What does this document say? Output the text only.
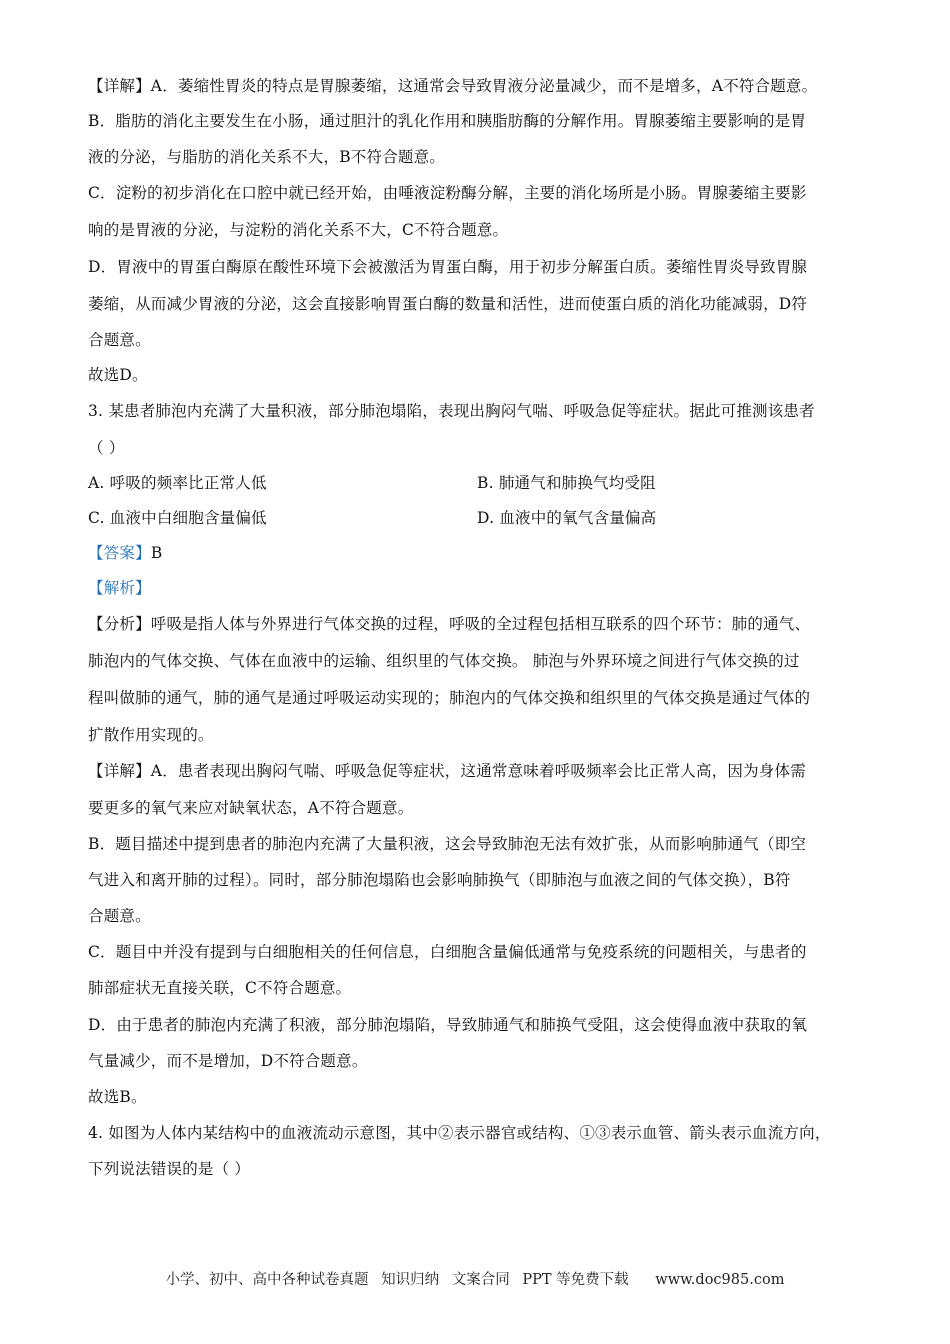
【详解】A．萎缩性胃炎的特点是胃腺萎缩，这通常会导致胃液分泌量减少，而不是增多，A不符合题意。
B．脂肪的消化主要发生在小肠，通过胆汁的乳化作用和胰脂肪酶的分解作用。胃腺萎缩主要影响的是胃
液的分泌，与脂肪的消化关系不大，B不符合题意。
C．淀粉的初步消化在口腔中就已经开始，由唾液淀粉酶分解，主要的消化场所是小肠。胃腺萎缩主要影
响的是胃液的分泌，与淀粉的消化关系不大，C不符合题意。
D．胃液中的胃蛋白酶原在酸性环境下会被激活为胃蛋白酶，用于初步分解蛋白质。萎缩性胃炎导致胃腺
萎缩，从而减少胃液的分泌，这会直接影响胃蛋白酶的数量和活性，进而使蛋白质的消化功能减弱，D符
合题意。
故选D。
3. 某患者肺泡内充满了大量积液，部分肺泡塌陷，表现出胸闷气喘、呼吸急促等症状。据此可推测该患者
（ ）
A. 呼吸的频率比正常人低	B. 肺通气和肺换气均受阻
C. 血液中白细胞含量偏低	D. 血液中的氧气含量偏高
【答案】B
【解析】
【分析】呼吸是指人体与外界进行气体交换的过程，呼吸的全过程包括相互联系的四个环节：肺的通气、
肺泡内的气体交换、气体在血液中的运输、组织里的气体交换。 肺泡与外界环境之间进行气体交换的过
程叫做肺的通气，肺的通气是通过呼吸运动实现的；肺泡内的气体交换和组织里的气体交换是通过气体的
扩散作用实现的。
【详解】A．患者表现出胸闷气喘、呼吸急促等症状，这通常意味着呼吸频率会比正常人高，因为身体需
要更多的氧气来应对缺氧状态，A不符合题意。
B．题目描述中提到患者的肺泡内充满了大量积液，这会导致肺泡无法有效扩张，从而影响肺通气（即空
气进入和离开肺的过程）。同时，部分肺泡塌陷也会影响肺换气（即肺泡与血液之间的气体交换），B符
合题意。
C．题目中并没有提到与白细胞相关的任何信息，白细胞含量偏低通常与免疫系统的问题相关，与患者的
肺部症状无直接关联，C不符合题意。
D．由于患者的肺泡内充满了积液，部分肺泡塌陷，导致肺通气和肺换气受阻，这会使得血液中获取的氧
气量减少，而不是增加，D不符合题意。
故选B。
4. 如图为人体内某结构中的血液流动示意图，其中②表示器官或结构、①③表示血管、箭头表示血流方向，
下列说法错误的是（ ）
小学、初中、高中各种试卷真题 知识归纳 文案合同 PPT 等免费下载 www.doc985.com
